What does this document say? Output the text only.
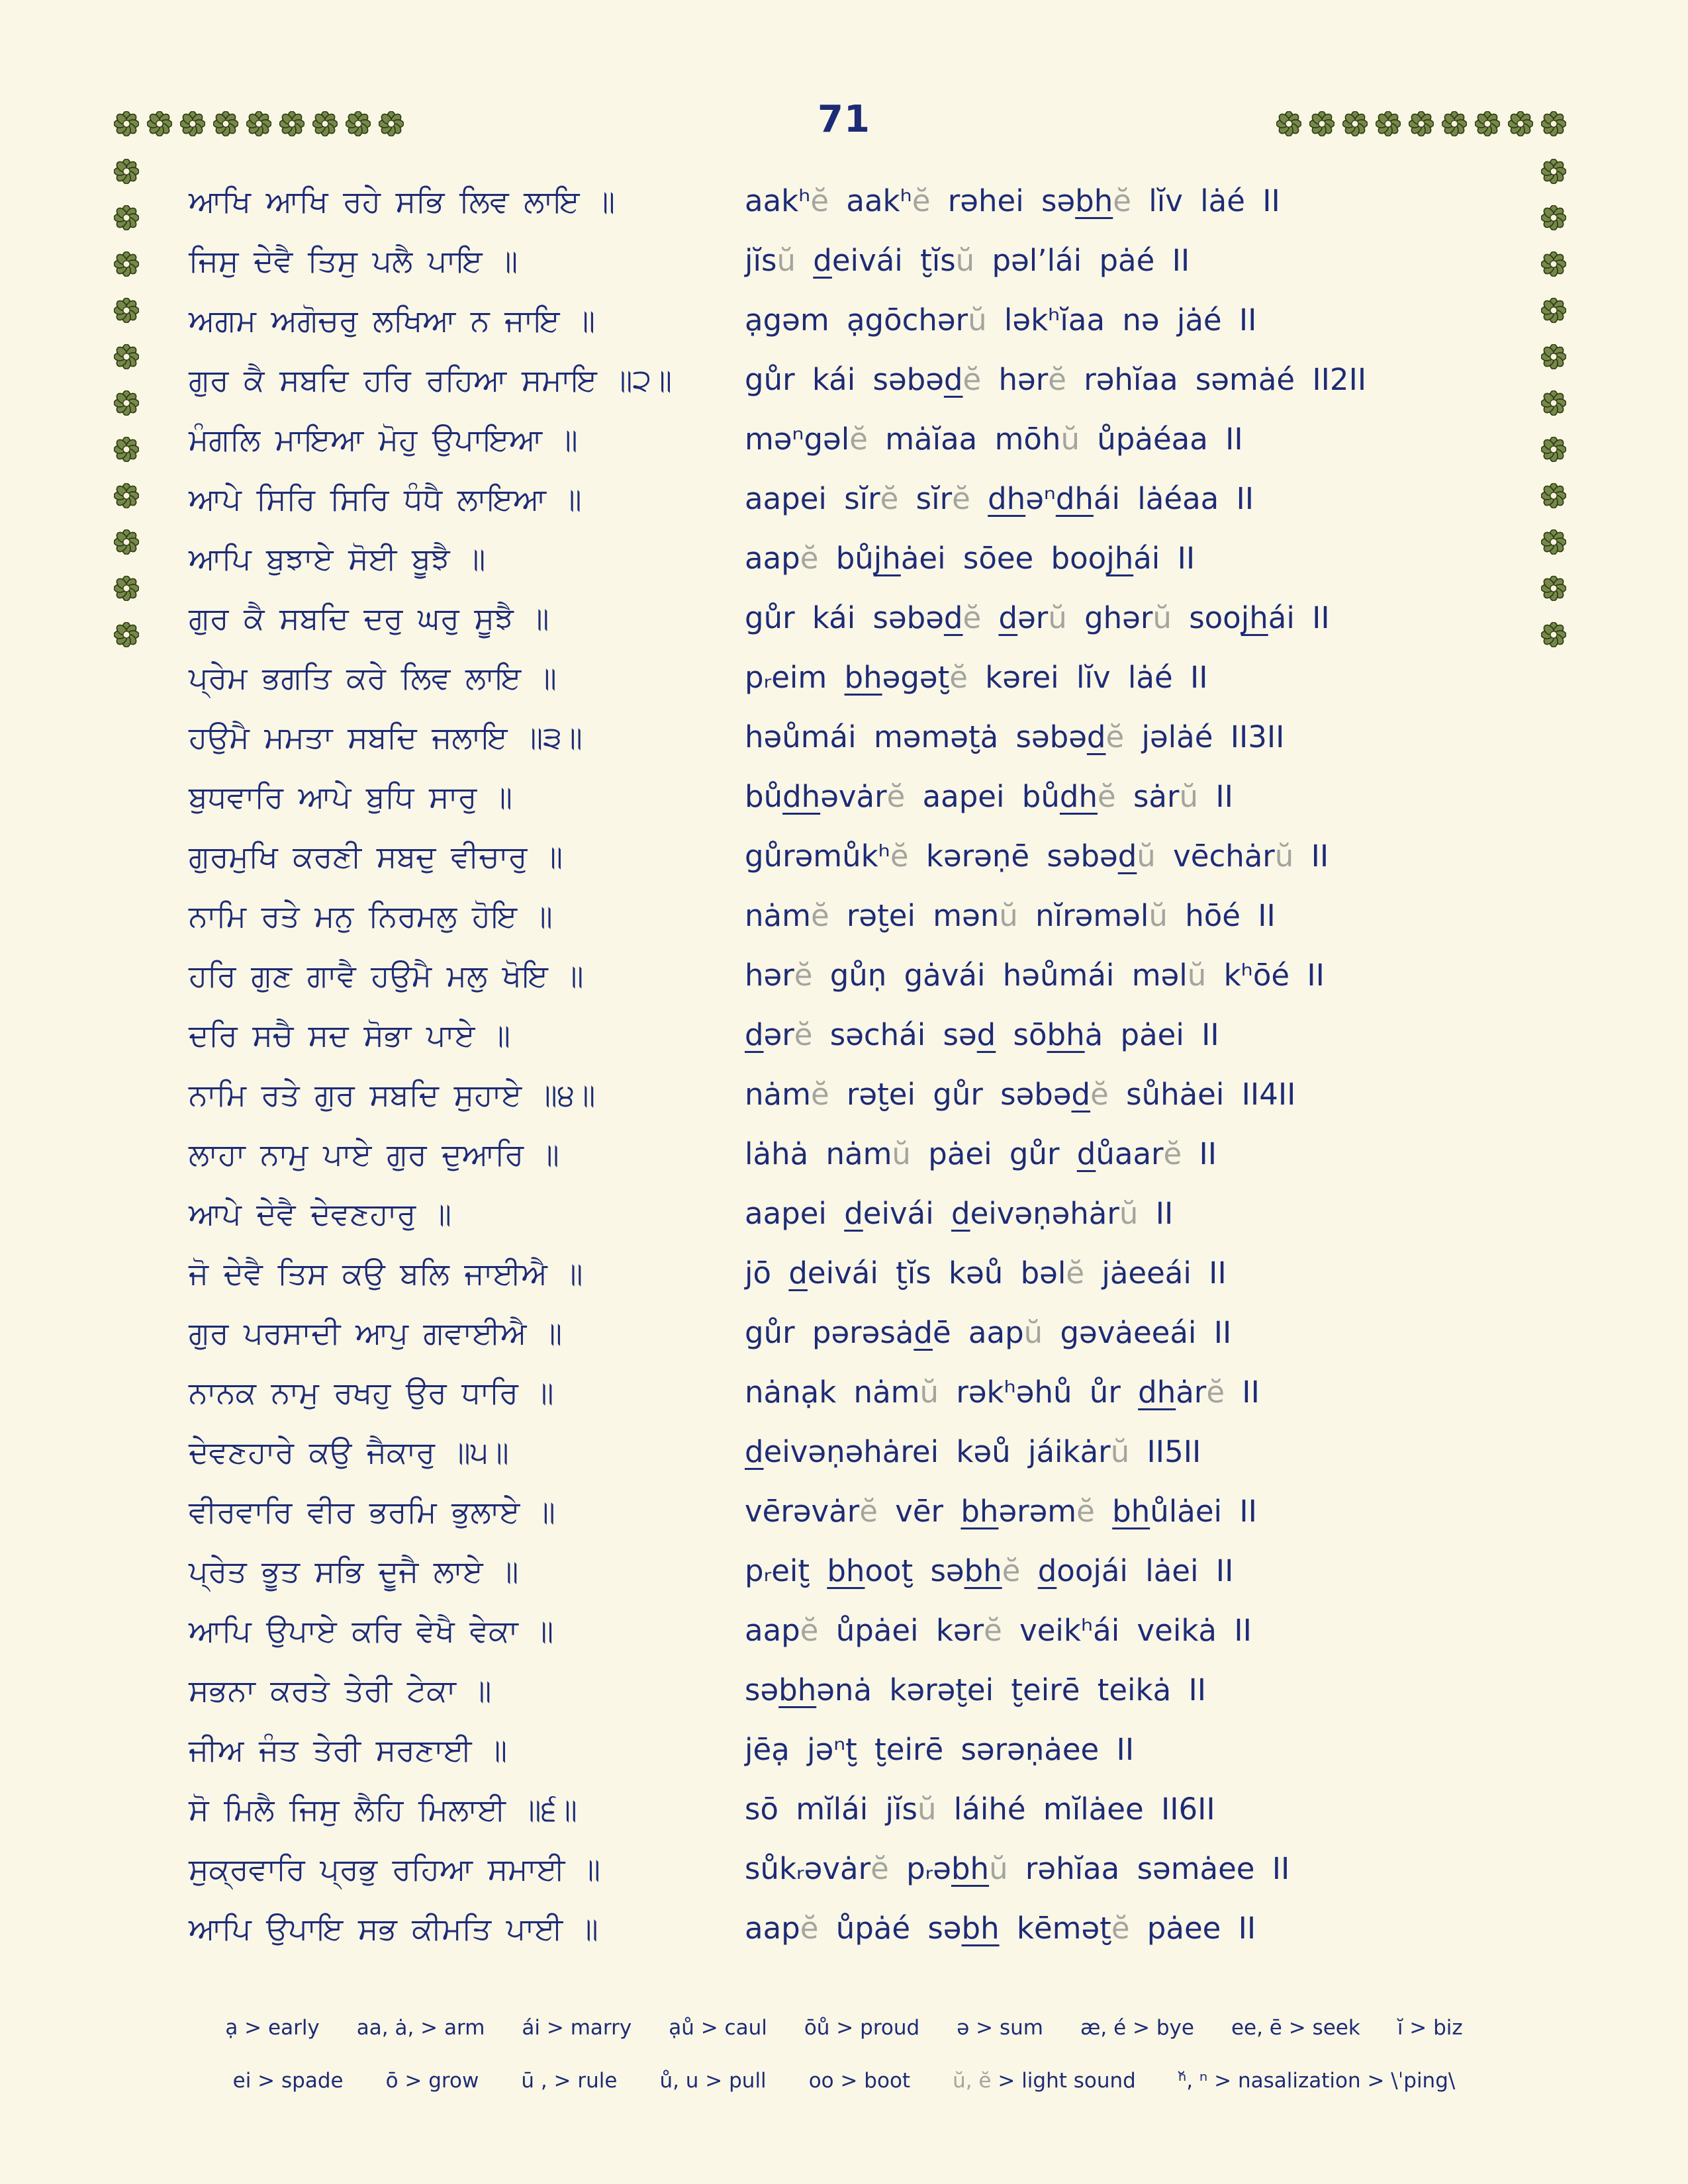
71
ਆਖਿ ਆਖਿ ਰਹੇ ਸਭਿ ਲਿਵ ਲਾਇ ॥	aakʰĕ aakʰĕ rəhei səbhĕ lĭv lȧé II
ਜਿਸੁ ਦੇਵੈ ਤਿਸੁ ਪਲੈ ਪਾਇ ॥	jĭsŭ deivái t̮ĭsŭ pəl’lái pȧé II
ਅਗਮ ਅਗੋਚਰੁ ਲਖਿਆ ਨ ਜਾਇ ॥	ạgəm ạgōchərŭ ləkʰĭaa nə jȧé II
ਗੁਰ ਕੈ ਸਬਦਿ ਹਰਿ ਰਹਿਆ ਸਮਾਇ ॥੨॥ gůr kái səbədĕ hərĕ rəhĭaa səmȧé II2II
ਮੰਗਲਿ ਮਾਇਆ ਮੋਹੁ ਉਪਾਇਆ ॥	məⁿgəlĕ mȧĭaa mōhŭ ůpȧéaa II
ਆਪੇ ਸਿਰਿ ਸਿਰਿ ਧੰਧੈ ਲਾਇਆ ॥	aapei sĭrĕ sĭrĕ dhəⁿdhái lȧéaa II
ਆਪਿ ਬੁਝਾਏ ਸੋਈ ਬੂਝੈ ॥	aapĕ bůjhȧei sōee boojhái II
ਗੁਰ ਕੈ ਸਬਦਿ ਦਰੁ ਘਰੁ ਸੂਝੈ ॥	gůr kái səbədĕ dərŭ ghərŭ soojhái II
ਪ੍ਰੇਮ ਭਗਤਿ ਕਰੇ ਲਿਵ ਲਾਇ ॥	pᵣeim bhəgət̮ĕ kərei lĭv lȧé II
ਹਉਮੈ ਮਮਤਾ ਸਬਦਿ ਜਲਾਇ ॥੩॥	həůmái məmət̮ȧ səbədĕ jəlȧé II3II
ਬੁਧਵਾਰਿ ਆਪੇ ਬੁਧਿ ਸਾਰੁ ॥	bůdhəvȧrĕ aapei bůdhĕ sȧrŭ II
ਗੁਰਮੁਖਿ ਕਰਣੀ ਸਬਦੁ ਵੀਚਾਰੁ ॥	gůrəmůkʰĕ kərəṇē səbədŭ vēchȧrŭ II
ਨਾਮਿ ਰਤੇ ਮਨੁ ਨਿਰਮਲੁ ਹੋਇ ॥	nȧmĕ rət̮ei mənŭ nĭrəməlŭ hōé II
ਹਰਿ ਗੁਣ ਗਾਵੈ ਹਉਮੈ ਮਲੁ ਖੋਇ ॥	hərĕ gůṇ gȧvái həůmái məlŭ kʰōé II
ਦਰਿ ਸਚੈ ਸਦ ਸੋਭਾ ਪਾਏ ॥	dərĕ səchái səd sōbhȧ pȧei II
ਨਾਮਿ ਰਤੇ ਗੁਰ ਸਬਦਿ ਸੁਹਾਏ ॥੪॥	nȧmĕ rət̮ei gůr səbədĕ sůhȧei II4II
ਲਾਹਾ ਨਾਮੁ ਪਾਏ ਗੁਰ ਦੁਆਰਿ ॥	lȧhȧ nȧmŭ pȧei gůr důaarĕ II
ਆਪੇ ਦੇਵੈ ਦੇਵਣਹਾਰੁ ॥	aapei deivái deivəṇəhȧrŭ II
ਜੋ ਦੇਵੈ ਤਿਸ ਕਉ ਬਲਿ ਜਾਈਐ ॥	jō deivái t̮ĭs kəů bəlĕ jȧeeái II
ਗੁਰ ਪਰਸਾਦੀ ਆਪੁ ਗਵਾਈਐ ॥	gůr pərəsȧdē aapŭ gəvȧeeái II
ਨਾਨਕ ਨਾਮੁ ਰਖਹੁ ਉਰ ਧਾਰਿ ॥	nȧnạk nȧmŭ rəkʰəhů ůr dhȧrĕ II
ਦੇਵਣਹਾਰੇ ਕਉ ਜੈਕਾਰੁ ॥੫॥	deivəṇəhȧrei kəů jáikȧrŭ II5II
ਵੀਰਵਾਰਿ ਵੀਰ ਭਰਮਿ ਭੁਲਾਏ ॥	vērəvȧrĕ vēr bhərəmĕ bhůlȧei II
ਪ੍ਰੇਤ ਭੂਤ ਸਭਿ ਦੂਜੈ ਲਾਏ ॥	pᵣeit̮ bhoot̮ səbhĕ doojái lȧei II
ਆਪਿ ਉਪਾਏ ਕਰਿ ਵੇਖੈ ਵੇਕਾ ॥	aapĕ ůpȧei kərĕ veikʰái veikȧ II
ਸਭਨਾ ਕਰਤੇ ਤੇਰੀ ਟੇਕਾ ॥	səbhənȧ kərət̮ei t̮eirē teikȧ II
ਜੀਅ ਜੰਤ ਤੇਰੀ ਸਰਣਾਈ ॥	jēạ jəⁿt̮ t̮eirē sərəṇȧee II
ਸੋ ਮਿਲੈ ਜਿਸੁ ਲੈਹਿ ਮਿਲਾਈ ॥੬॥	sō mĭlái jĭsŭ láihé mĭlȧee II6II
ਸੁਕ੍ਰਵਾਰਿ ਪ੍ਰਭੁ ਰਹਿਆ ਸਮਾਈ ॥	sůkᵣəvȧrĕ pᵣəbhŭ rəhĭaa səmȧee II
ਆਪਿ ਉਪਾਇ ਸਭ ਕੀਮਤਿ ਪਾਈ ॥	aapĕ ůpȧé səbh kēmət̮ĕ pȧee II
ạ > early aa, ȧ, > arm ái > marry ạů > caul ōů > proud ə > sum æ, é > bye ee, ē > seek ĭ > biz
ei > spade ō > grow ū , > rule ů, u > pull oo > boot ŭ, ĕ > light sound ⁿ̆, ⁿ > nasalization > \ˈping\
